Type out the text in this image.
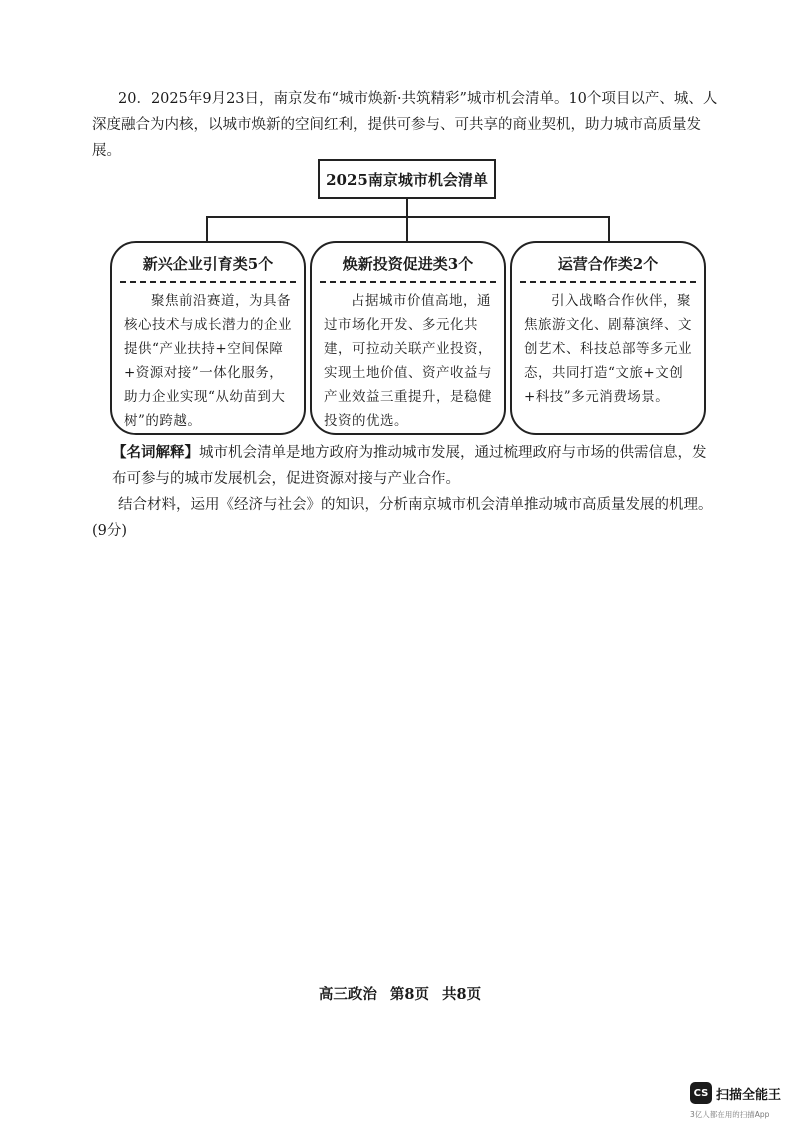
20．2025年9月23日，南京发布“城市焕新·共筑精彩”城市机会清单。10个项目以产、城、人深度融合为内核，以城市焕新的空间红利，提供可参与、可共享的商业契机，助力城市高质量发展。
2025南京城市机会清单
新兴企业引育类5个
聚焦前沿赛道，为具备核心技术与成长潜力的企业提供“产业扶持+空间保障+资源对接”一体化服务，助力企业实现“从幼苗到大树”的跨越。
焕新投资促进类3个
占据城市价值高地，通过市场化开发、多元化共建，可拉动关联产业投资，实现土地价值、资产收益与产业效益三重提升，是稳健投资的优选。
运营合作类2个
引入战略合作伙伴，聚焦旅游文化、剧幕演绎、文创艺术、科技总部等多元业态，共同打造“文旅+文创+科技”多元消费场景。
【名词解释】城市机会清单是地方政府为推动城市发展，通过梳理政府与市场的供需信息，发布可参与的城市发展机会，促进资源对接与产业合作。
结合材料，运用《经济与社会》的知识，分析南京城市机会清单推动城市高质量发展的机理。(9分)
高三政治 第8页 共8页
CS 扫描全能王
3亿人都在用的扫描App
